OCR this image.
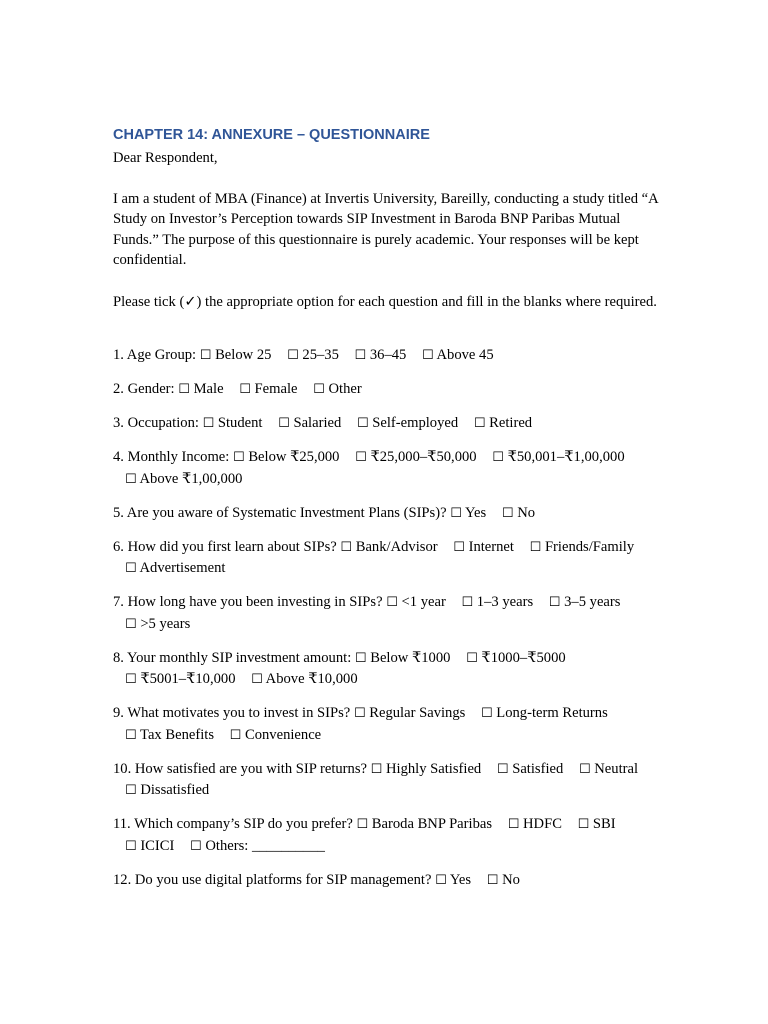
CHAPTER 14: ANNEXURE – QUESTIONNAIRE

Dear Respondent,

I am a student of MBA (Finance) at Invertis University, Bareilly, conducting a study titled “A Study on Investor’s Perception towards SIP Investment in Baroda BNP Paribas Mutual Funds.” The purpose of this questionnaire is purely academic. Your responses will be kept confidential.

Please tick (✓) the appropriate option for each question and fill in the blanks where required.

1. Age Group: ☐ Below 25 ☐ 25–35 ☐ 36–45 ☐ Above 45

2. Gender: ☐ Male ☐ Female ☐ Other

3. Occupation: ☐ Student ☐ Salaried ☐ Self-employed ☐ Retired

4. Monthly Income: ☐ Below ₹25,000 ☐ ₹25,000–₹50,000 ☐ ₹50,001–₹1,00,000 ☐ Above ₹1,00,000

5. Are you aware of Systematic Investment Plans (SIPs)? ☐ Yes ☐ No

6. How did you first learn about SIPs? ☐ Bank/Advisor ☐ Internet ☐ Friends/Family ☐ Advertisement

7. How long have you been investing in SIPs? ☐ <1 year ☐ 1–3 years ☐ 3–5 years ☐ >5 years

8. Your monthly SIP investment amount: ☐ Below ₹1000 ☐ ₹1000–₹5000 ☐ ₹5001–₹10,000 ☐ Above ₹10,000

9. What motivates you to invest in SIPs? ☐ Regular Savings ☐ Long-term Returns ☐ Tax Benefits ☐ Convenience

10. How satisfied are you with SIP returns? ☐ Highly Satisfied ☐ Satisfied ☐ Neutral ☐ Dissatisfied

11. Which company’s SIP do you prefer? ☐ Baroda BNP Paribas ☐ HDFC ☐ SBI ☐ ICICI ☐ Others: __________

12. Do you use digital platforms for SIP management? ☐ Yes ☐ No
